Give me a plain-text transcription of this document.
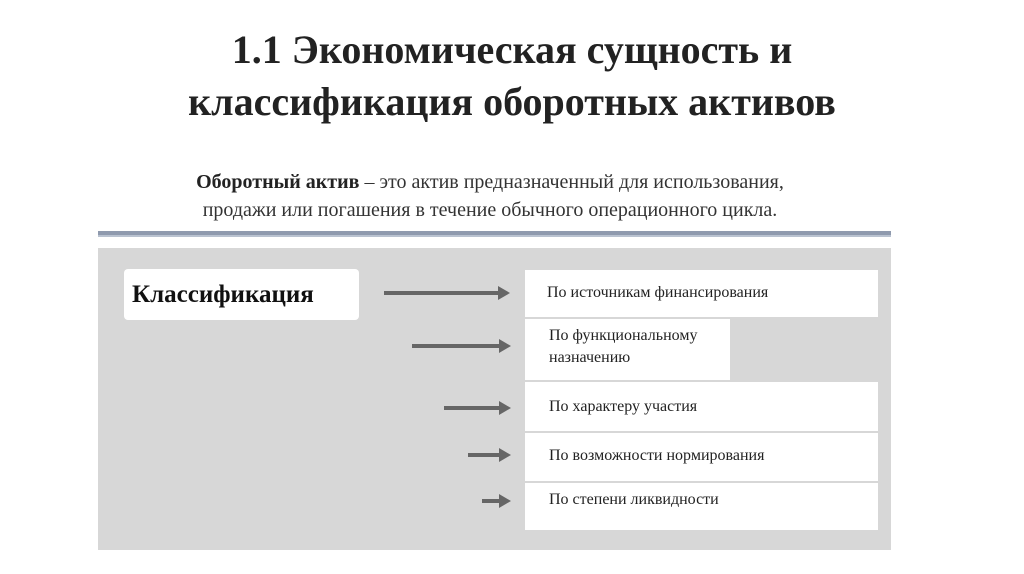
1.1 Экономическая сущность и
классификация оборотных активов
Оборотный актив – это актив предназначенный для использования,
продажи или погашения в течение обычного операционного цикла.
Классификация	По источникам финансирования
По функциональному назначению
По характеру участия
По возможности нормирования
По степени ликвидности
